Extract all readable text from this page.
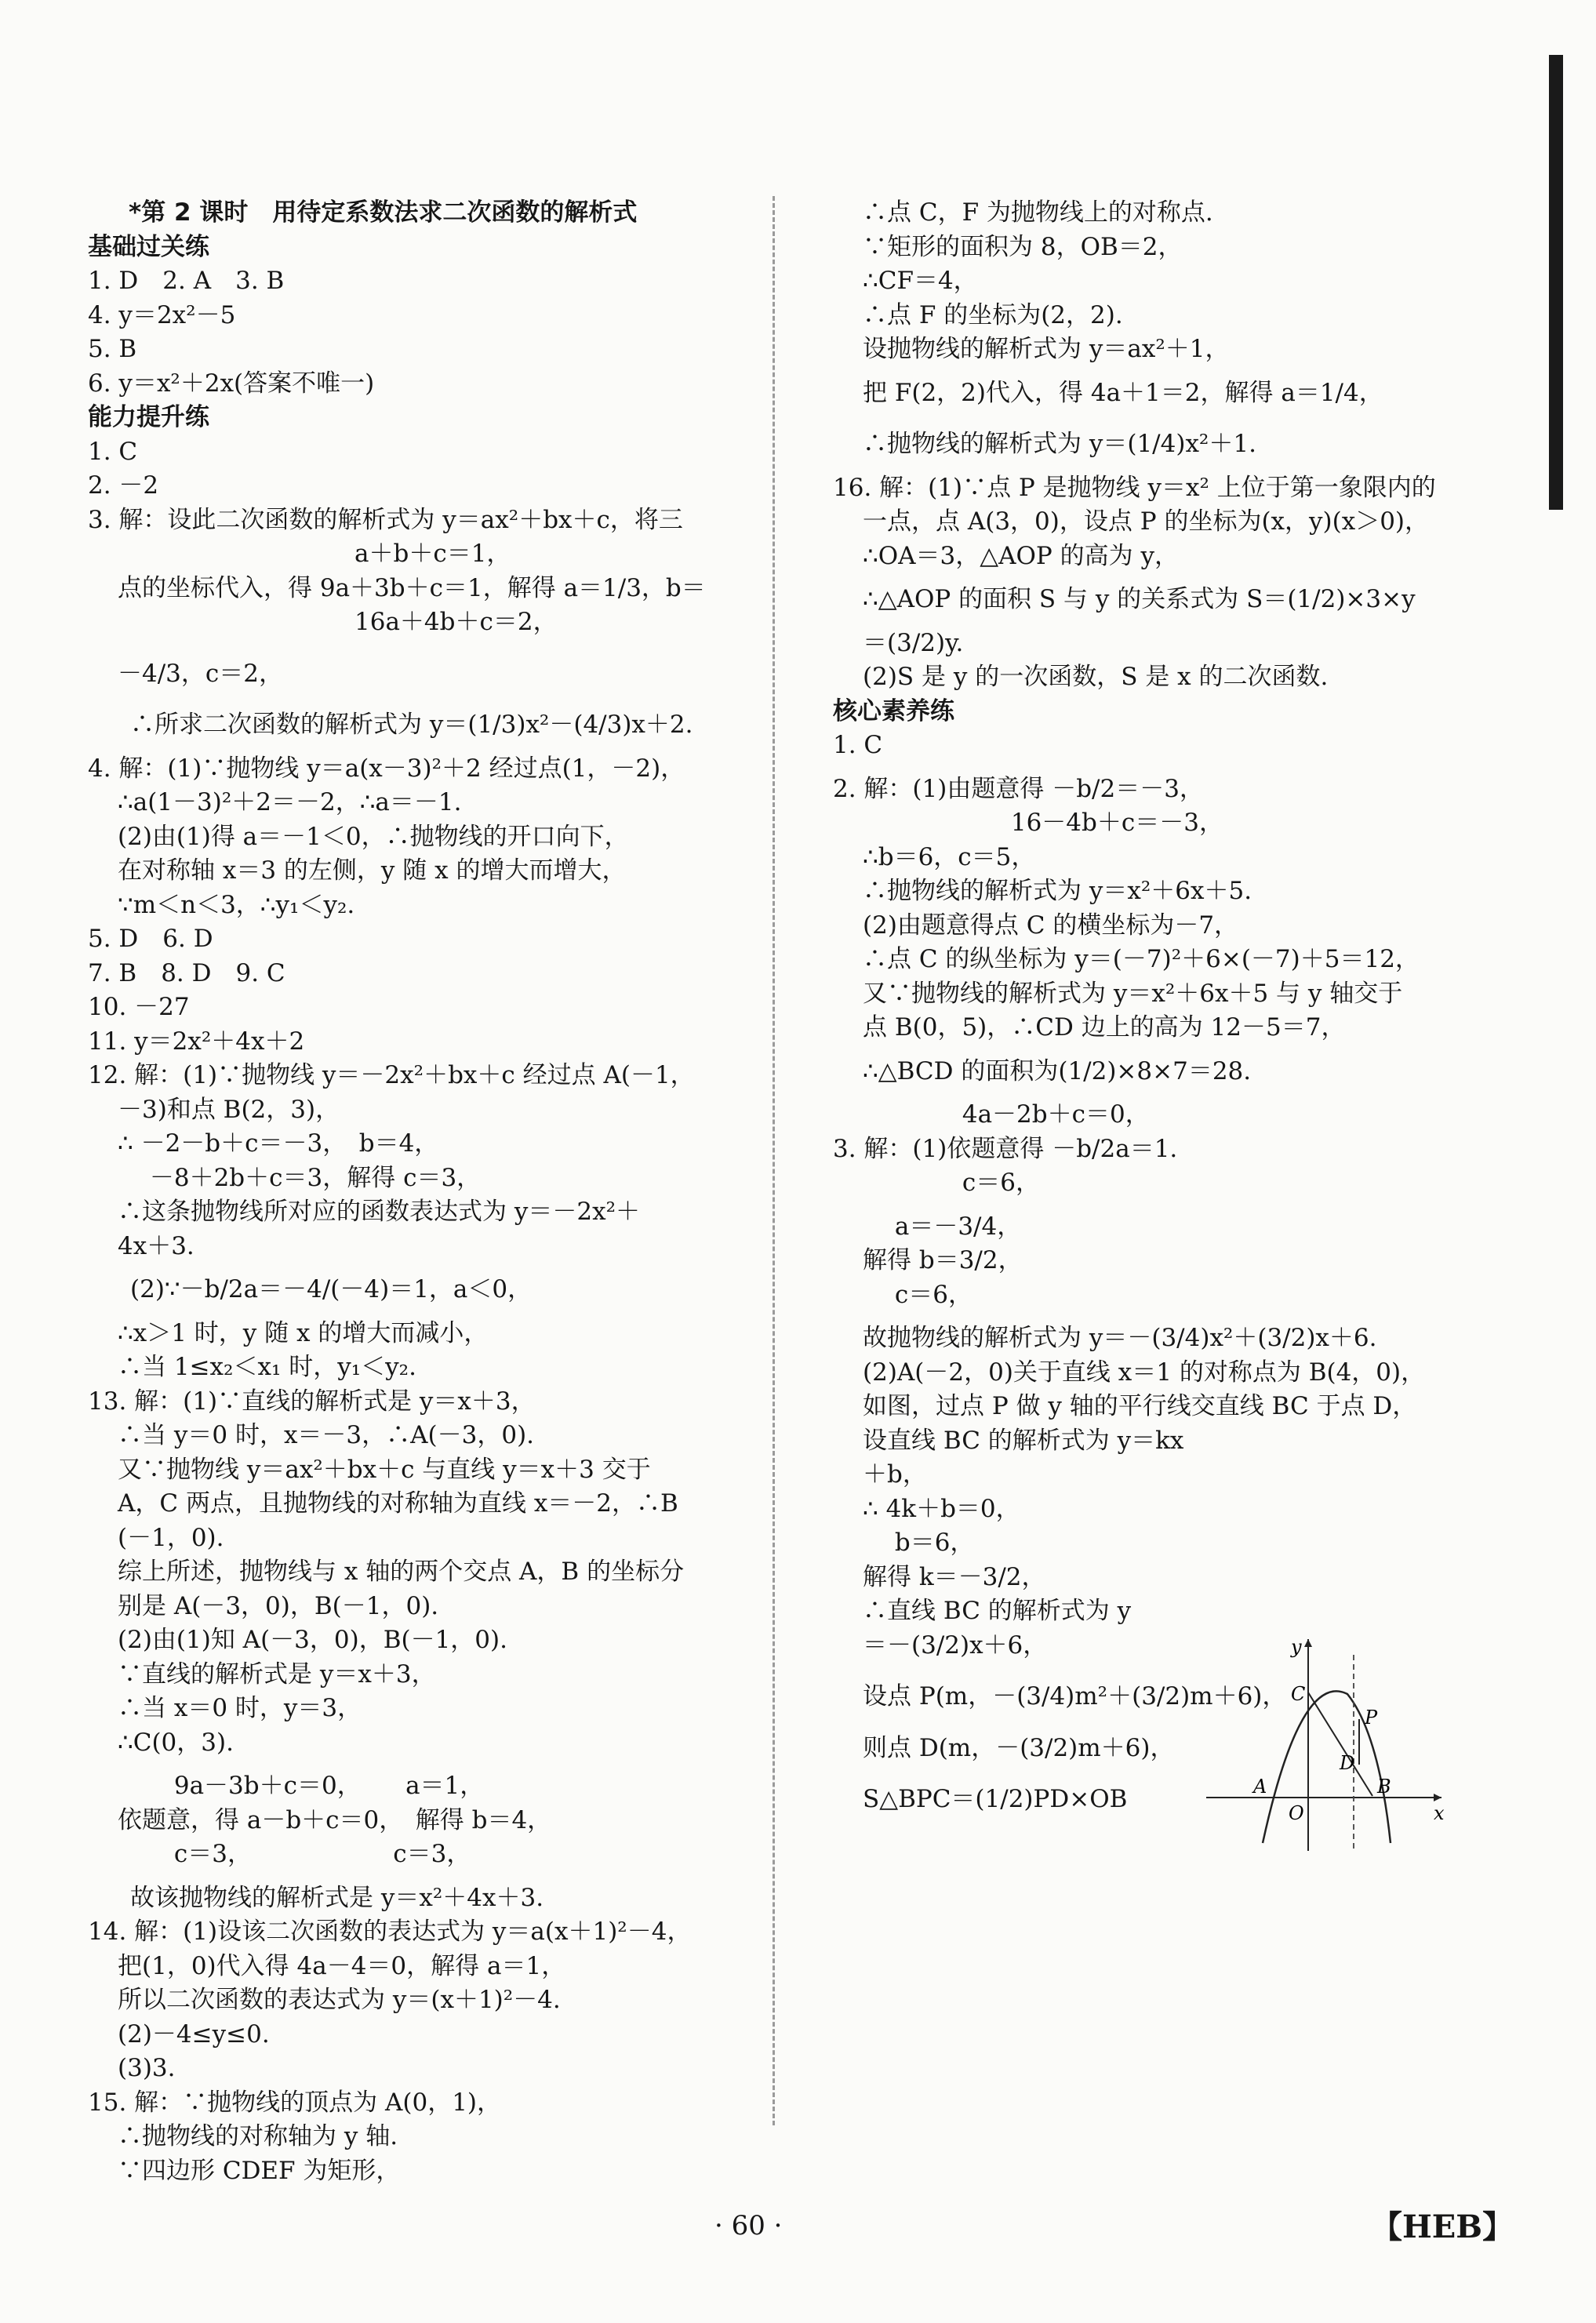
*第 2 课时　用待定系数法求二次函数的解析式
基础过关练
1. D　2. A　3. B
4. y＝2x²－5
5. B
6. y＝x²＋2x(答案不唯一)
能力提升练
1. C
2. －2
3. 解：设此二次函数的解析式为 y＝ax²＋bx＋c，将三
a＋b＋c＝1，
点的坐标代入，得 9a＋3b＋c＝1，解得 a＝1/3，b＝
16a＋4b＋c＝2，
－4/3，c＝2，
∴所求二次函数的解析式为 y＝(1/3)x²－(4/3)x＋2.
4. 解：(1)∵抛物线 y＝a(x－3)²＋2 经过点(1，－2)，
∴a(1－3)²＋2＝－2，∴a＝－1.
(2)由(1)得 a＝－1＜0，∴抛物线的开口向下，
在对称轴 x＝3 的左侧，y 随 x 的增大而增大，
∵m＜n＜3，∴y₁＜y₂.
5. D　6. D
7. B　8. D　9. C
10. －27
11. y＝2x²＋4x＋2
12. 解：(1)∵抛物线 y＝－2x²＋bx＋c 经过点 A(－1，
－3)和点 B(2，3)，
∴ －2－b＋c＝－3，　b＝4，
　 －8＋2b＋c＝3，解得 c＝3，
∴这条抛物线所对应的函数表达式为 y＝－2x²＋
4x＋3.
(2)∵－b/2a＝－4/(－4)＝1，a＜0，
∴x＞1 时，y 随 x 的增大而减小，
∴当 1≤x₂＜x₁ 时，y₁＜y₂.
13. 解：(1)∵直线的解析式是 y＝x＋3，
∴当 y＝0 时，x＝－3，∴A(－3，0).
又∵抛物线 y＝ax²＋bx＋c 与直线 y＝x＋3 交于
A，C 两点，且抛物线的对称轴为直线 x＝－2，∴B
(－1，0).
综上所述，抛物线与 x 轴的两个交点 A，B 的坐标分
别是 A(－3，0)，B(－1，0).
(2)由(1)知 A(－3，0)，B(－1，0).
∵直线的解析式是 y＝x＋3，
∴当 x＝0 时，y＝3，
∴C(0，3).
　　 9a－3b＋c＝0，　　 a＝1，
依题意，得 a－b＋c＝0，　解得 b＝4，
　　 c＝3，　　　　　　 c＝3，
故该抛物线的解析式是 y＝x²＋4x＋3.
14. 解：(1)设该二次函数的表达式为 y＝a(x＋1)²－4，
把(1，0)代入得 4a－4＝0，解得 a＝1，
所以二次函数的表达式为 y＝(x＋1)²－4.
(2)－4≤y≤0.
(3)3.
15. 解：∵抛物线的顶点为 A(0，1)，
∴抛物线的对称轴为 y 轴.
∵四边形 CDEF 为矩形，
∴点 C，F 为抛物线上的对称点.
∵矩形的面积为 8，OB＝2，
∴CF＝4，
∴点 F 的坐标为(2，2).
设抛物线的解析式为 y＝ax²＋1，
把 F(2，2)代入，得 4a＋1＝2，解得 a＝1/4，
∴抛物线的解析式为 y＝(1/4)x²＋1.
16. 解：(1)∵点 P 是抛物线 y＝x² 上位于第一象限内的
一点，点 A(3，0)，设点 P 的坐标为(x，y)(x＞0)，
∴OA＝3，△AOP 的高为 y，
∴△AOP 的面积 S 与 y 的关系式为 S＝(1/2)×3×y
＝(3/2)y.
(2)S 是 y 的一次函数，S 是 x 的二次函数.
核心素养练
1. C
2. 解：(1)由题意得 －b/2＝－3，
　　　　　　　 16－4b＋c＝－3，
∴b＝6，c＝5，
∴抛物线的解析式为 y＝x²＋6x＋5.
(2)由题意得点 C 的横坐标为－7，
∴点 C 的纵坐标为 y＝(－7)²＋6×(－7)＋5＝12，
又∵抛物线的解析式为 y＝x²＋6x＋5 与 y 轴交于
点 B(0，5)，∴CD 边上的高为 12－5＝7，
∴△BCD 的面积为(1/2)×8×7＝28.
　　　　　 4a－2b＋c＝0，
3. 解：(1)依题意得 －b/2a＝1.
　　　　　 c＝6，
　 a＝－3/4，
解得 b＝3/2，
　 c＝6，
故抛物线的解析式为 y＝－(3/4)x²＋(3/2)x＋6.
(2)A(－2，0)关于直线 x＝1 的对称点为 B(4，0)，
如图，过点 P 做 y 轴的平行线交直线 BC 于点 D，
设直线 BC 的解析式为 y＝kx
＋b，
∴ 4k＋b＝0，
　 b＝6，
解得 k＝－3/2，
∴直线 BC 的解析式为 y
＝－(3/2)x＋6，
设点 P(m，－(3/4)m²＋(3/2)m＋6)，
则点 D(m，－(3/2)m＋6)，
S△BPC＝(1/2)PD×OB
y
x
C
P
D
A
O
B
· 60 ·	【HEB】
